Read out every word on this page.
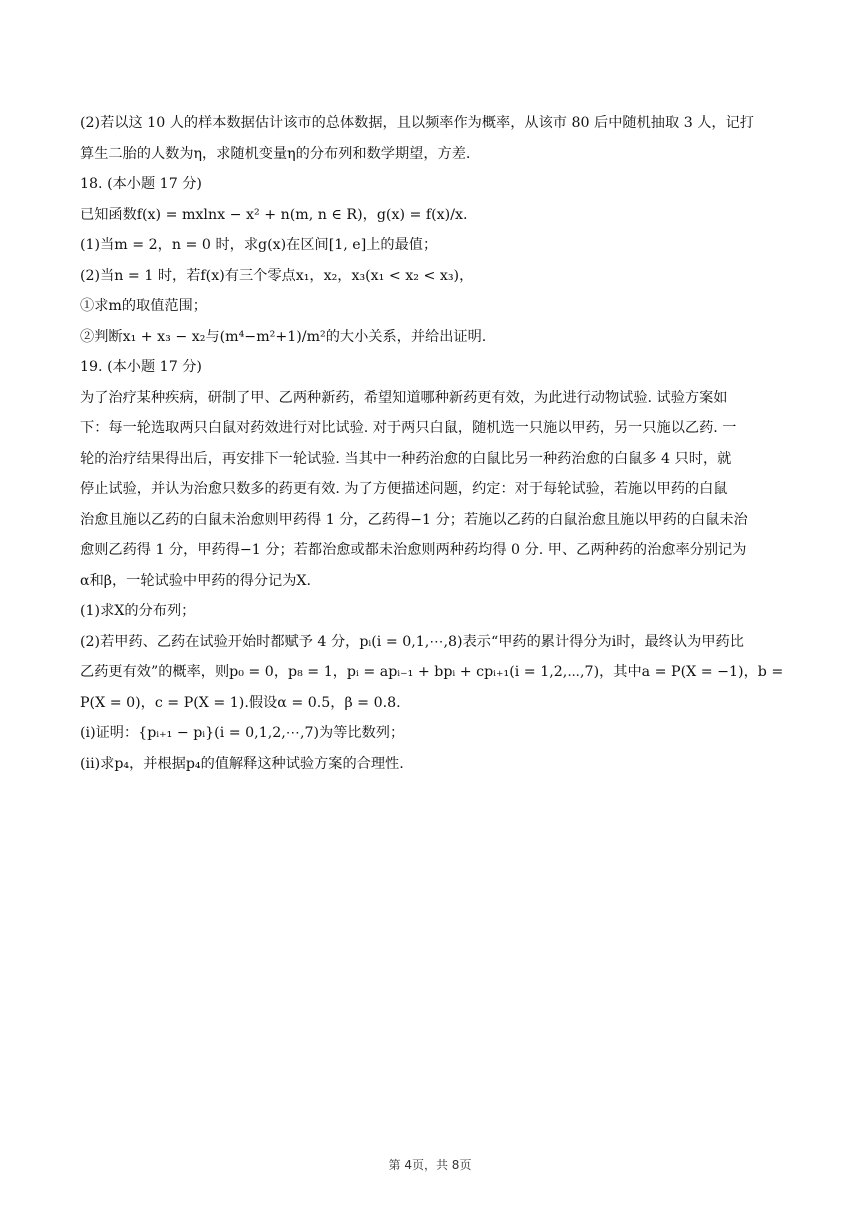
(2)若以这 10 人的样本数据估计该市的总体数据，且以频率作为概率，从该市 80 后中随机抽取 3 人，记打
算生二胎的人数为η，求随机变量η的分布列和数学期望，方差.
18. (本小题 17 分)
已知函数f(x) = mxlnx − x² + n(m, n ∈ R)，g(x) = f(x)/x.
(1)当m = 2，n = 0 时，求g(x)在区间[1, e]上的最值；
(2)当n = 1 时，若f(x)有三个零点x₁，x₂，x₃(x₁ < x₂ < x₃)，
①求m的取值范围；
②判断x₁ + x₃ − x₂与(m⁴−m²+1)/m²的大小关系，并给出证明.
19. (本小题 17 分)
为了治疗某种疾病，研制了甲、乙两种新药，希望知道哪种新药更有效，为此进行动物试验. 试验方案如
下：每一轮选取两只白鼠对药效进行对比试验. 对于两只白鼠，随机选一只施以甲药，另一只施以乙药. 一
轮的治疗结果得出后，再安排下一轮试验. 当其中一种药治愈的白鼠比另一种药治愈的白鼠多 4 只时，就
停止试验，并认为治愈只数多的药更有效. 为了方便描述问题，约定：对于每轮试验，若施以甲药的白鼠
治愈且施以乙药的白鼠未治愈则甲药得 1 分，乙药得−1 分；若施以乙药的白鼠治愈且施以甲药的白鼠未治
愈则乙药得 1 分，甲药得−1 分；若都治愈或都未治愈则两种药均得 0 分. 甲、乙两种药的治愈率分别记为
α和β，一轮试验中甲药的得分记为X.
(1)求X的分布列；
(2)若甲药、乙药在试验开始时都赋予 4 分，pᵢ(i = 0,1,⋯,8)表示“甲药的累计得分为i时，最终认为甲药比
乙药更有效”的概率，则p₀ = 0，p₈ = 1，pᵢ = apᵢ₋₁ + bpᵢ + cpᵢ₊₁(i = 1,2,⋯,7)，其中a = P(X = −1)，b =
P(X = 0)，c = P(X = 1).假设α = 0.5，β = 0.8.
(i)证明：{pᵢ₊₁ − pᵢ}(i = 0,1,2,⋯,7)为等比数列；
(ii)求p₄，并根据p₄的值解释这种试验方案的合理性.
第 4页，共 8页
